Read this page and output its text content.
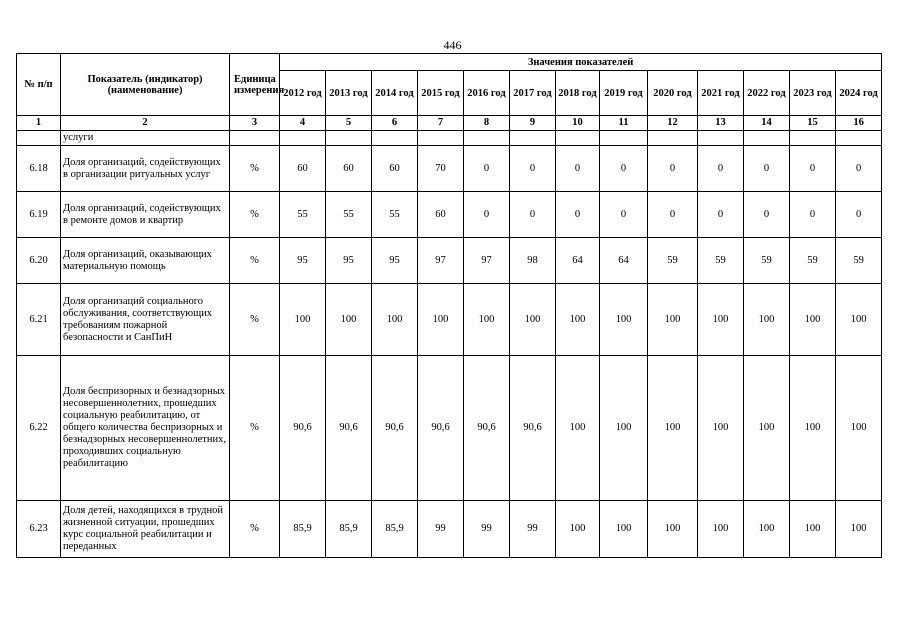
446
№ п/п	Показатель (индикатор) (наименование)	Единица измерения	Значения показателей												
			2012 год	2013 год	2014 год	2015 год	2016 год	2017 год	2018 год	2019 год	2020 год	2021 год	2022 год	2023 год	2024 год
1	2	3	4	5	6	7	8	9	10	11	12	13	14	15	16
	услуги														
6.18	Доля организаций, содействующих в организации ритуальных услуг	%	60	60	60	70	0	0	0	0	0	0	0	0	0
6.19	Доля организаций, содействующих в ремонте домов и квартир	%	55	55	55	60	0	0	0	0	0	0	0	0	0
6.20	Доля организаций, оказывающих материальную помощь	%	95	95	95	97	97	98	64	64	59	59	59	59	59
6.21	Доля организаций социального обслуживания, соответствующих требованиям пожарной безопасности и СанПиН	%	100	100	100	100	100	100	100	100	100	100	100	100	100
6.22	Доля беспризорных и безнадзорных несовершеннолетних, прошедших социальную реабилитацию, от общего количества беспризорных и безнадзорных несовершеннолетних, проходивших социальную реабилитацию	%	90,6	90,6	90,6	90,6	90,6	90,6	100	100	100	100	100	100	100
6.23	Доля детей, находящихся в трудной жизненной ситуации, прошедших курс социальной реабилитации и переданных	%	85,9	85,9	85,9	99	99	99	100	100	100	100	100	100	100
